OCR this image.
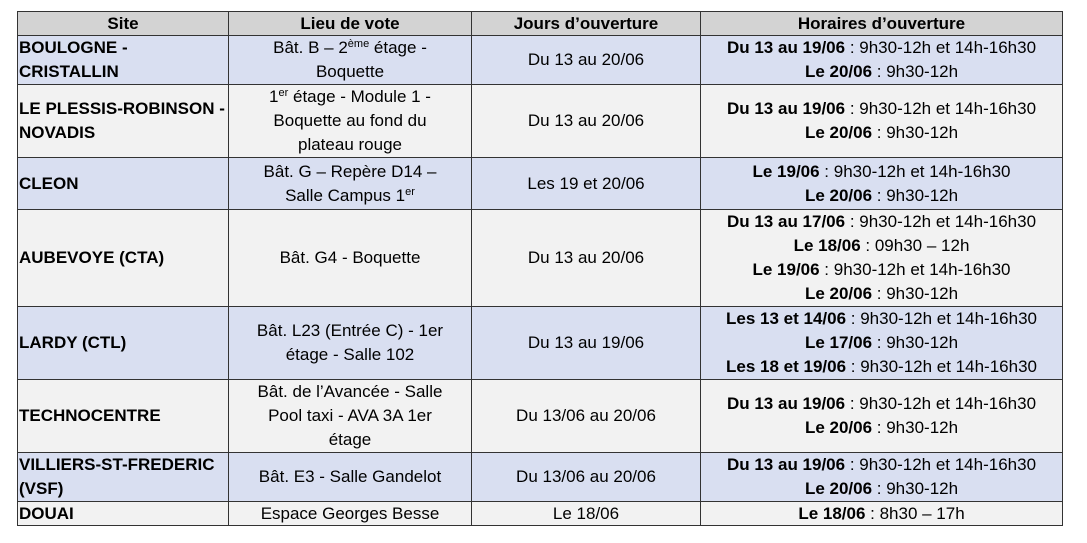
Site	Lieu de vote	Jours d’ouverture	Horaires d’ouverture
BOULOGNE - CRISTALLIN	Bât. B – 2ème étage -
Boquette	Du 13 au 20/06	Du 13 au 19/06 : 9h30-12h et 14h-16h30
Le 20/06 : 9h30-12h

LE PLESSIS-ROBINSON - NOVADIS	1er étage - Module 1 -
Boquette au fond du
plateau rouge	Du 13 au 20/06	Du 13 au 19/06 : 9h30-12h et 14h-16h30
Le 20/06 : 9h30-12h

CLEON	Bât. G – Repère D14 –
Salle Campus 1er	Les 19 et 20/06	Le 19/06 : 9h30-12h et 14h-16h30
Le 20/06 : 9h30-12h

AUBEVOYE (CTA)	Bât. G4 - Boquette	Du 13 au 20/06	Du 13 au 17/06 : 9h30-12h et 14h-16h30
Le 18/06 : 09h30 – 12h
Le 19/06 : 9h30-12h et 14h-16h30
Le 20/06 : 9h30-12h

LARDY (CTL)	Bât. L23 (Entrée C) - 1er
étage - Salle 102	Du 13 au 19/06	Les 13 et 14/06 : 9h30-12h et 14h-16h30
Le 17/06 : 9h30-12h
Les 18 et 19/06 : 9h30-12h et 14h-16h30

TECHNOCENTRE	Bât. de l’Avancée - Salle
Pool taxi - AVA 3A 1er
étage	Du 13/06 au 20/06	Du 13 au 19/06 : 9h30-12h et 14h-16h30
Le 20/06 : 9h30-12h

VILLIERS-ST-FREDERIC
(VSF)	Bât. E3 - Salle Gandelot	Du 13/06 au 20/06	Du 13 au 19/06 : 9h30-12h et 14h-16h30
Le 20/06 : 9h30-12h

DOUAI	Espace Georges Besse	Le 18/06	Le 18/06 : 8h30 – 17h
